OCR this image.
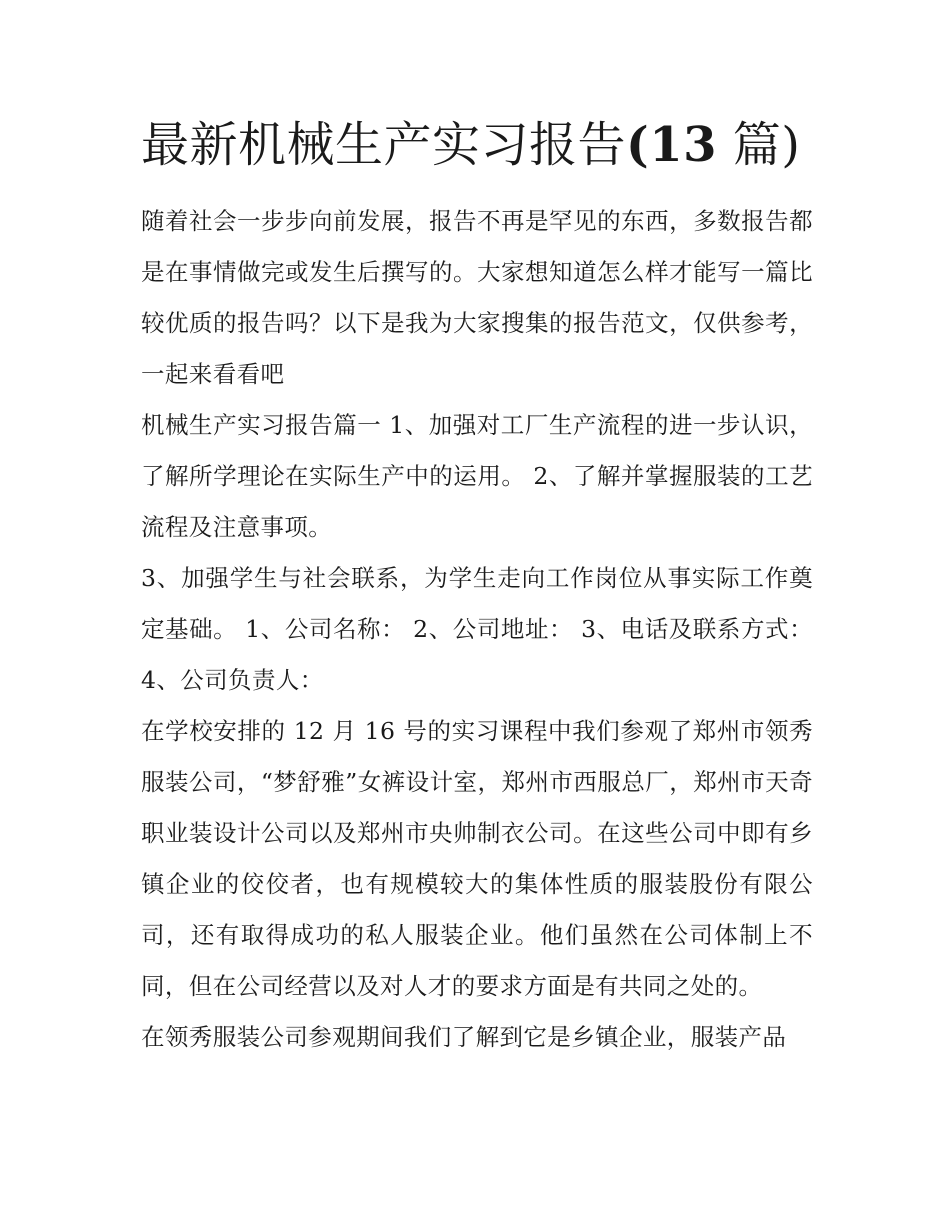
最新机械生产实习报告(13 篇)

随着社会一步步向前发展，报告不再是罕见的东西，多数报告都是在事情做完或发生后撰写的。大家想知道怎么样才能写一篇比较优质的报告吗？以下是我为大家搜集的报告范文，仅供参考，一起来看看吧

机械生产实习报告篇一 1、加强对工厂生产流程的进一步认识，了解所学理论在实际生产中的运用。 2、了解并掌握服装的工艺流程及注意事项。

3、加强学生与社会联系，为学生走向工作岗位从事实际工作奠定基础。 1、公司名称： 2、公司地址： 3、电话及联系方式： 4、公司负责人：

在学校安排的 12 月 16 号的实习课程中我们参观了郑州市领秀服装公司，“梦舒雅”女裤设计室，郑州市西服总厂，郑州市天奇职业装设计公司以及郑州市央帅制衣公司。在这些公司中即有乡镇企业的佼佼者，也有规模较大的集体性质的服装股份有限公司，还有取得成功的私人服装企业。他们虽然在公司体制上不同，但在公司经营以及对人才的要求方面是有共同之处的。

在领秀服装公司参观期间我们了解到它是乡镇企业，服装产品
